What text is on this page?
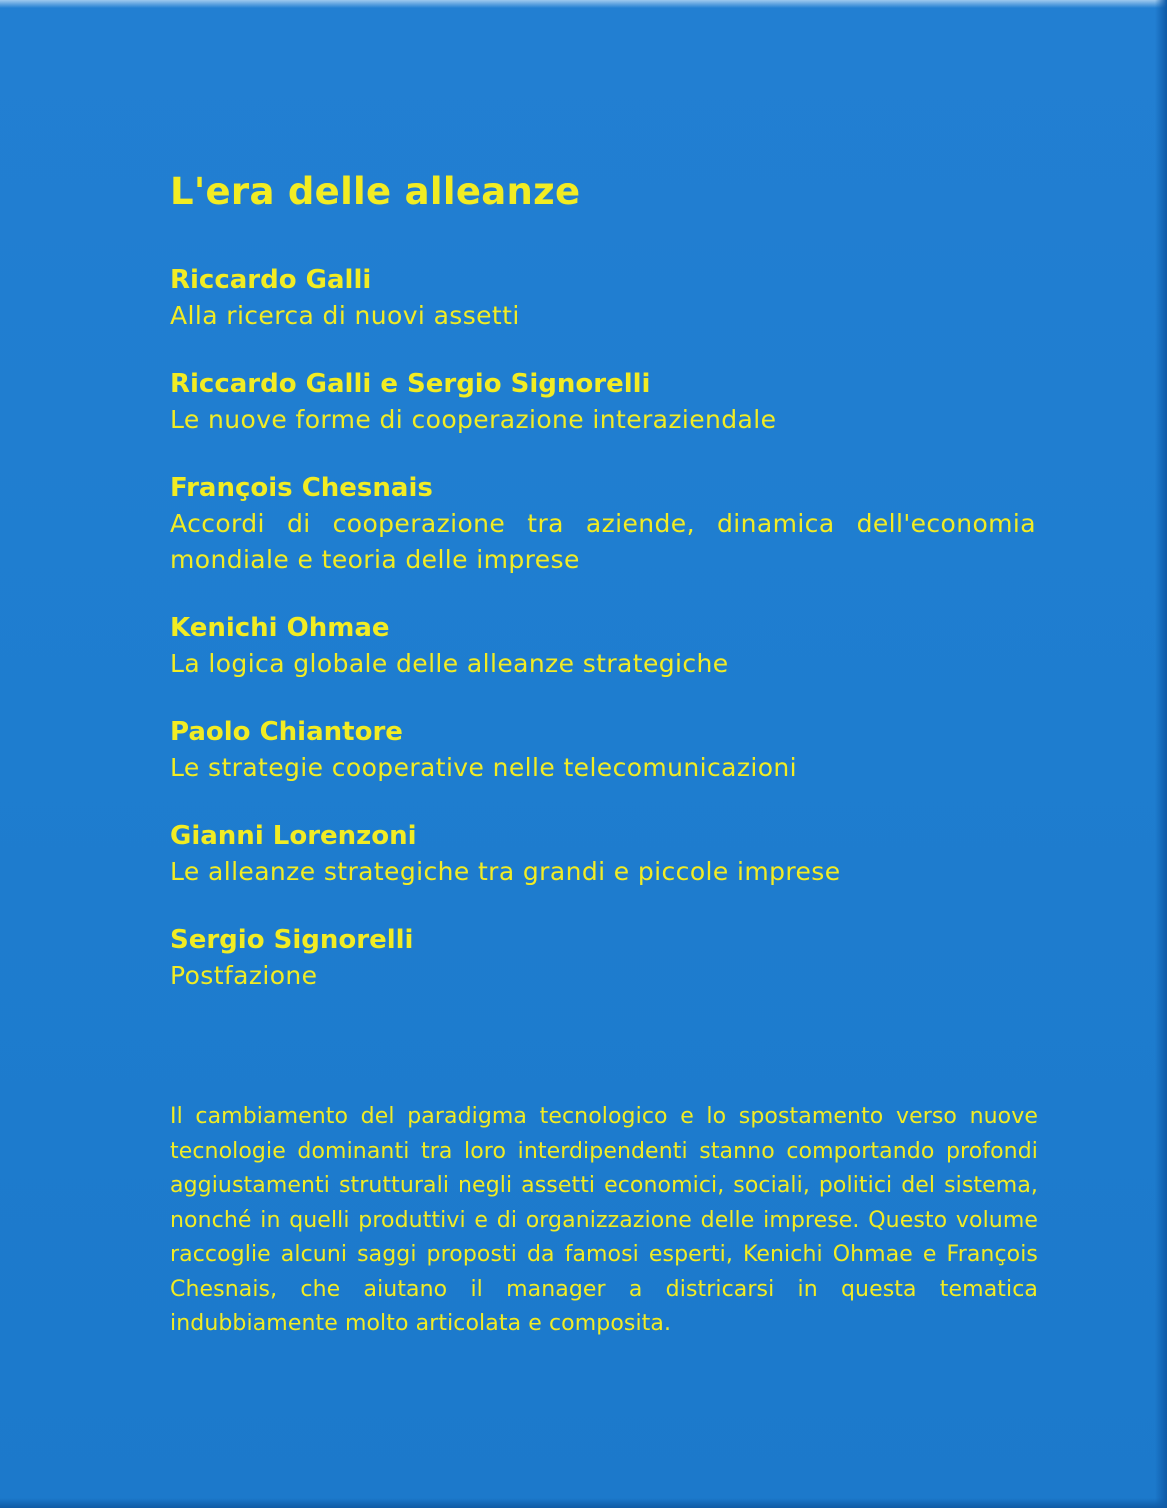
L'era delle alleanze
Riccardo Galli
Alla ricerca di nuovi assetti
Riccardo Galli e Sergio Signorelli
Le nuove forme di cooperazione interaziendale
François Chesnais
Accordi di cooperazione tra aziende, dinamica dell'economia mondiale e teoria delle imprese
Kenichi Ohmae
La logica globale delle alleanze strategiche
Paolo Chiantore
Le strategie cooperative nelle telecomunicazioni
Gianni Lorenzoni
Le alleanze strategiche tra grandi e piccole imprese
Sergio Signorelli
Postfazione

Il cambiamento del paradigma tecnologico e lo spostamento verso nuove tecnologie dominanti tra loro interdipendenti stanno comportando profondi aggiustamenti strutturali negli assetti economici, sociali, politici del sistema, nonché in quelli produttivi e di organizzazione delle imprese. Questo volume raccoglie alcuni saggi proposti da famosi esperti, Kenichi Ohmae e François Chesnais, che aiutano il manager a districarsi in questa tematica indubbiamente molto articolata e composita.
